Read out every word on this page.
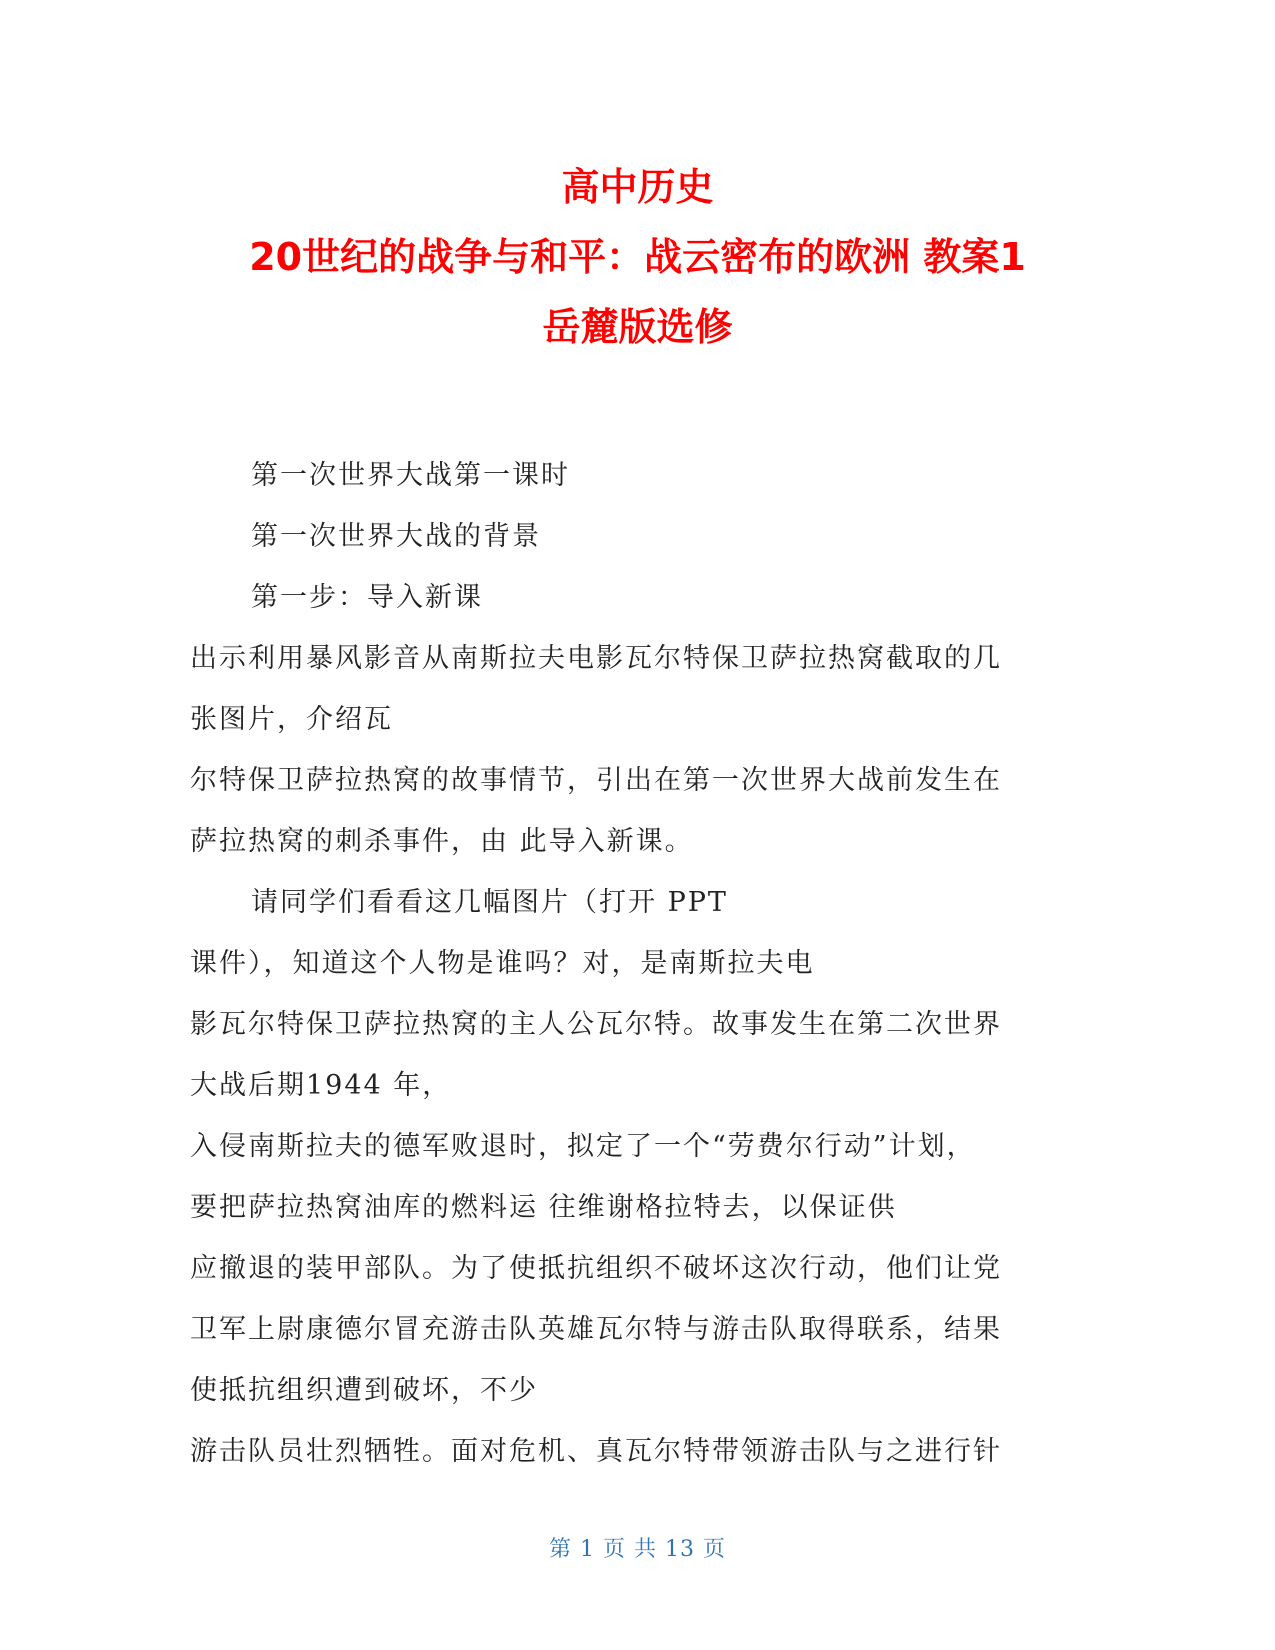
高中历史
20世纪的战争与和平：战云密布的欧洲 教案1
岳麓版选修
第一次世界大战第一课时
第一次世界大战的背景
第一步：导入新课
出示利用暴风影音从南斯拉夫电影瓦尔特保卫萨拉热窝截取的几
张图片，介绍瓦
尔特保卫萨拉热窝的故事情节，引出在第一次世界大战前发生在
萨拉热窝的刺杀事件，由 此导入新课。
请同学们看看这几幅图片（打开 PPT
课件），知道这个人物是谁吗？对，是南斯拉夫电
影瓦尔特保卫萨拉热窝的主人公瓦尔特。故事发生在第二次世界
大战后期1944 年，
入侵南斯拉夫的德军败退时，拟定了一个“劳费尔行动”计划，
要把萨拉热窝油库的燃料运 往维谢格拉特去，以保证供
应撤退的装甲部队。为了使抵抗组织不破坏这次行动，他们让党
卫军上尉康德尔冒充游击队英雄瓦尔特与游击队取得联系，结果
使抵抗组织遭到破坏，不少
游击队员壮烈牺牲。面对危机、真瓦尔特带领游击队与之进行针
第 1 页 共 13 页
